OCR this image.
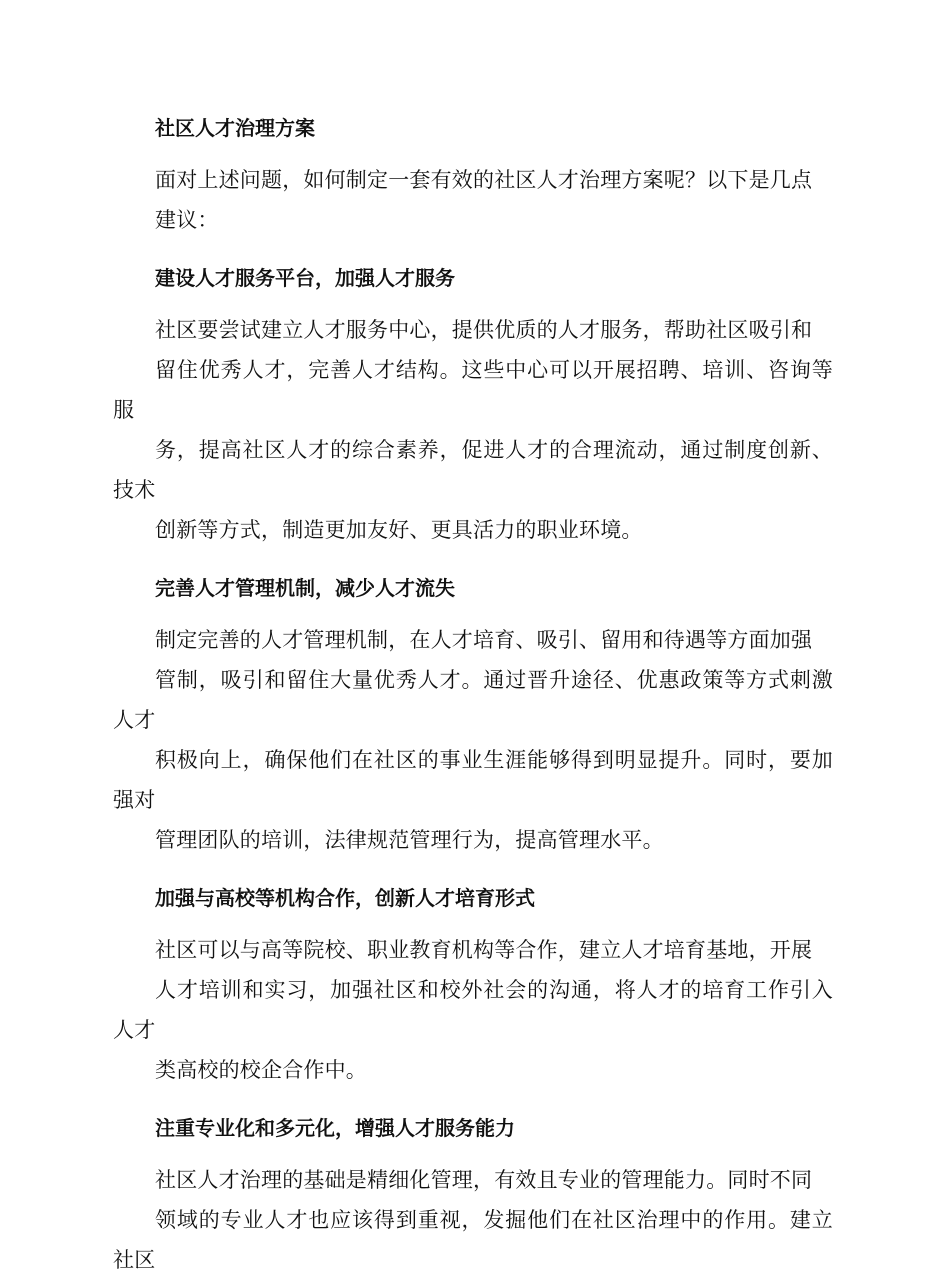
社区人才治理方案

面对上述问题，如何制定一套有效的社区人才治理方案呢？以下是几点
建议：

建设人才服务平台，加强人才服务

社区要尝试建立人才服务中心，提供优质的人才服务，帮助社区吸引和
留住优秀人才，完善人才结构。这些中心可以开展招聘、培训、咨询等服
务，提高社区人才的综合素养，促进人才的合理流动，通过制度创新、技术
创新等方式，制造更加友好、更具活力的职业环境。

完善人才管理机制，减少人才流失

制定完善的人才管理机制，在人才培育、吸引、留用和待遇等方面加强
管制，吸引和留住大量优秀人才。通过晋升途径、优惠政策等方式刺激人才
积极向上，确保他们在社区的事业生涯能够得到明显提升。同时，要加强对
管理团队的培训，法律规范管理行为，提高管理水平。

加强与高校等机构合作，创新人才培育形式

社区可以与高等院校、职业教育机构等合作，建立人才培育基地，开展
人才培训和实习，加强社区和校外社会的沟通，将人才的培育工作引入人才
类高校的校企合作中。

注重专业化和多元化，增强人才服务能力

社区人才治理的基础是精细化管理，有效且专业的管理能力。同时不同
领域的专业人才也应该得到重视，发掘他们在社区治理中的作用。建立社区
